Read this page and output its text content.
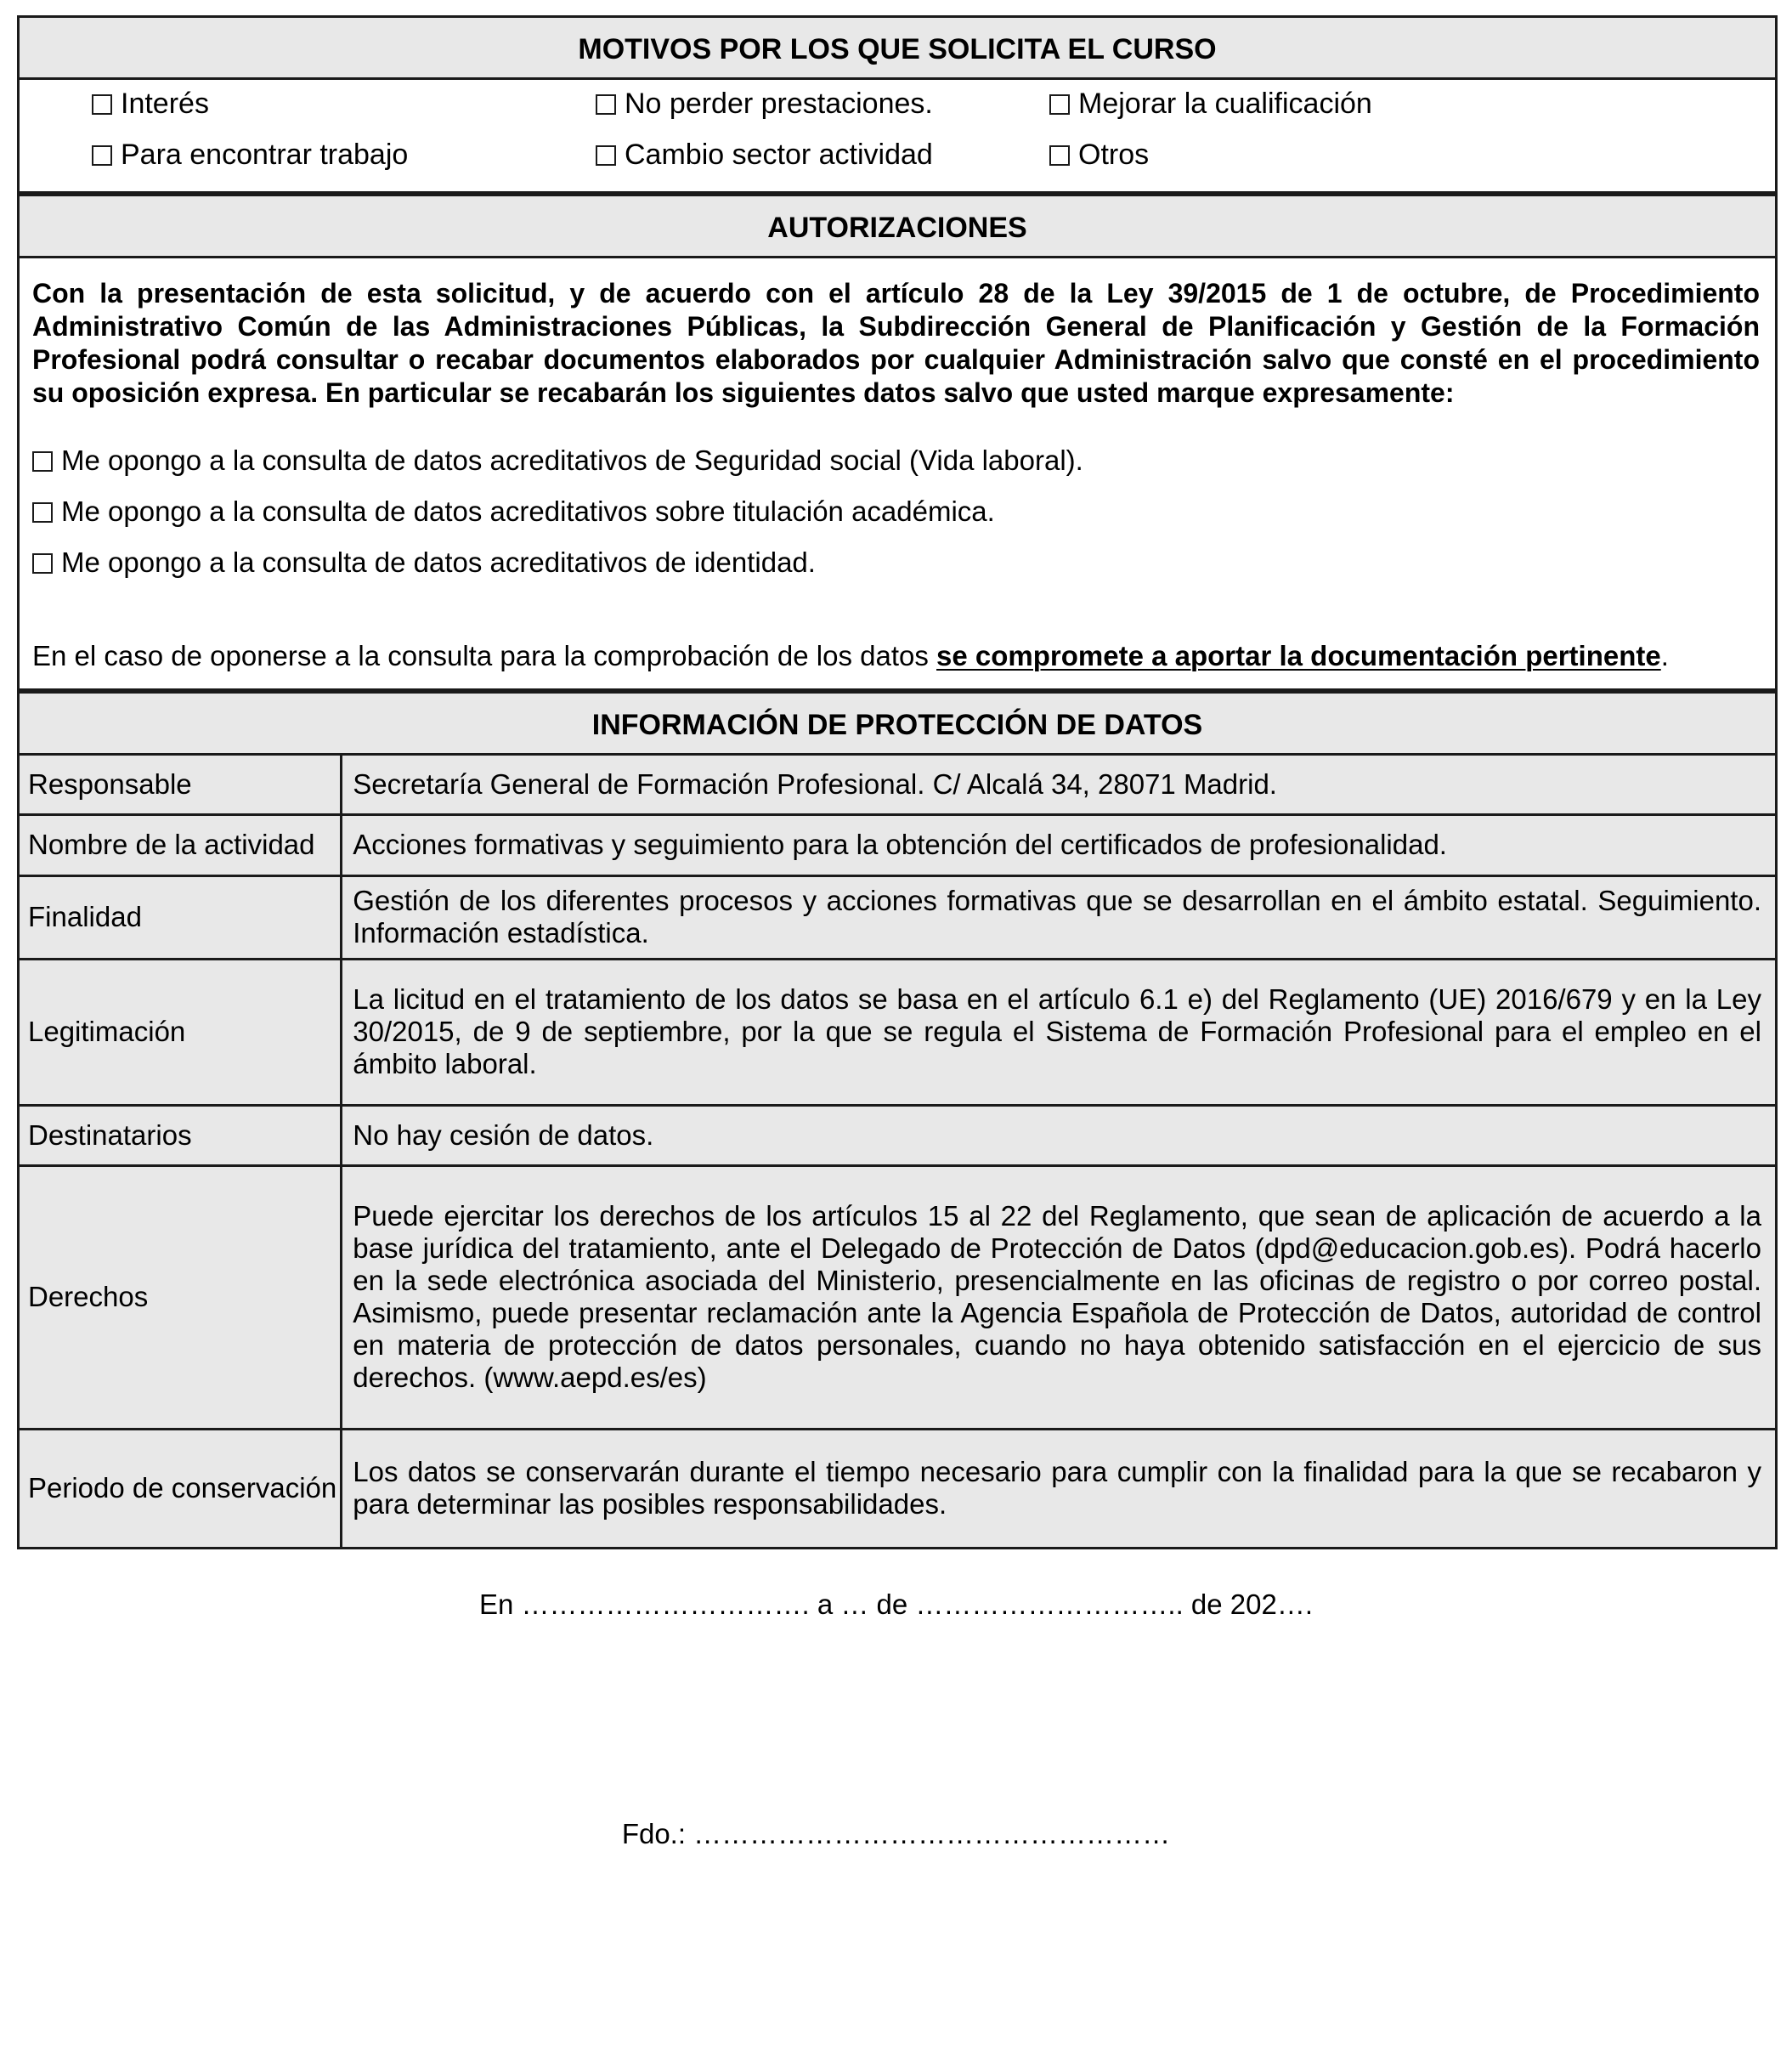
MOTIVOS POR LOS QUE SOLICITA EL CURSO
Interés	No perder prestaciones.	Mejorar la cualificación
Para encontrar trabajo	Cambio sector actividad	Otros
AUTORIZACIONES

Con la presentación de esta solicitud, y de acuerdo con el artículo 28 de la Ley 39/2015 de 1 de octubre, de Procedimiento Administrativo Común de las Administraciones Públicas, la Subdirección General de Planificación y Gestión de la Formación Profesional podrá consultar o recabar documentos elaborados por cualquier Administración salvo que consté en el procedimiento su oposición expresa. En particular se recabarán los siguientes datos salvo que usted marque expresamente:

Me opongo a la consulta de datos acreditativos de Seguridad social (Vida laboral).
Me opongo a la consulta de datos acreditativos sobre titulación académica.
Me opongo a la consulta de datos acreditativos de identidad.
En el caso de oponerse a la consulta para la comprobación de los datos se compromete a aportar la documentación pertinente.
INFORMACIÓN DE PROTECCIÓN DE DATOS
Responsable	Secretaría General de Formación Profesional. C/ Alcalá 34, 28071 Madrid.
Nombre de la actividad	Acciones formativas y seguimiento para la obtención del certificados de profesionalidad.
Finalidad	Gestión de los diferentes procesos y acciones formativas que se desarrollan en el ámbito estatal. Seguimiento. Información estadística.
Legitimación	La licitud en el tratamiento de los datos se basa en el artículo 6.1 e) del Reglamento (UE) 2016/679 y en la Ley 30/2015, de 9 de septiembre, por la que se regula el Sistema de Formación Profesional para el empleo en el ámbito laboral.
Destinatarios	No hay cesión de datos.
Derechos	Puede ejercitar los derechos de los artículos 15 al 22 del Reglamento, que sean de aplicación de acuerdo a la base jurídica del tratamiento, ante el Delegado de Protección de Datos (dpd@educacion.gob.es). Podrá hacerlo en la sede electrónica asociada del Ministerio, presencialmente en las oficinas de registro o por correo postal. Asimismo, puede presentar reclamación ante la Agencia Española de Protección de Datos, autoridad de control en materia de protección de datos personales, cuando no haya obtenido satisfacción en el ejercicio de sus derechos. (www.aepd.es/es)
Periodo de conservación	Los datos se conservarán durante el tiempo necesario para cumplir con la finalidad para la que se recabaron y para determinar las posibles responsabilidades.
En …………………………. a … de ……………………….. de 202….
Fdo.: ……………………………………………
